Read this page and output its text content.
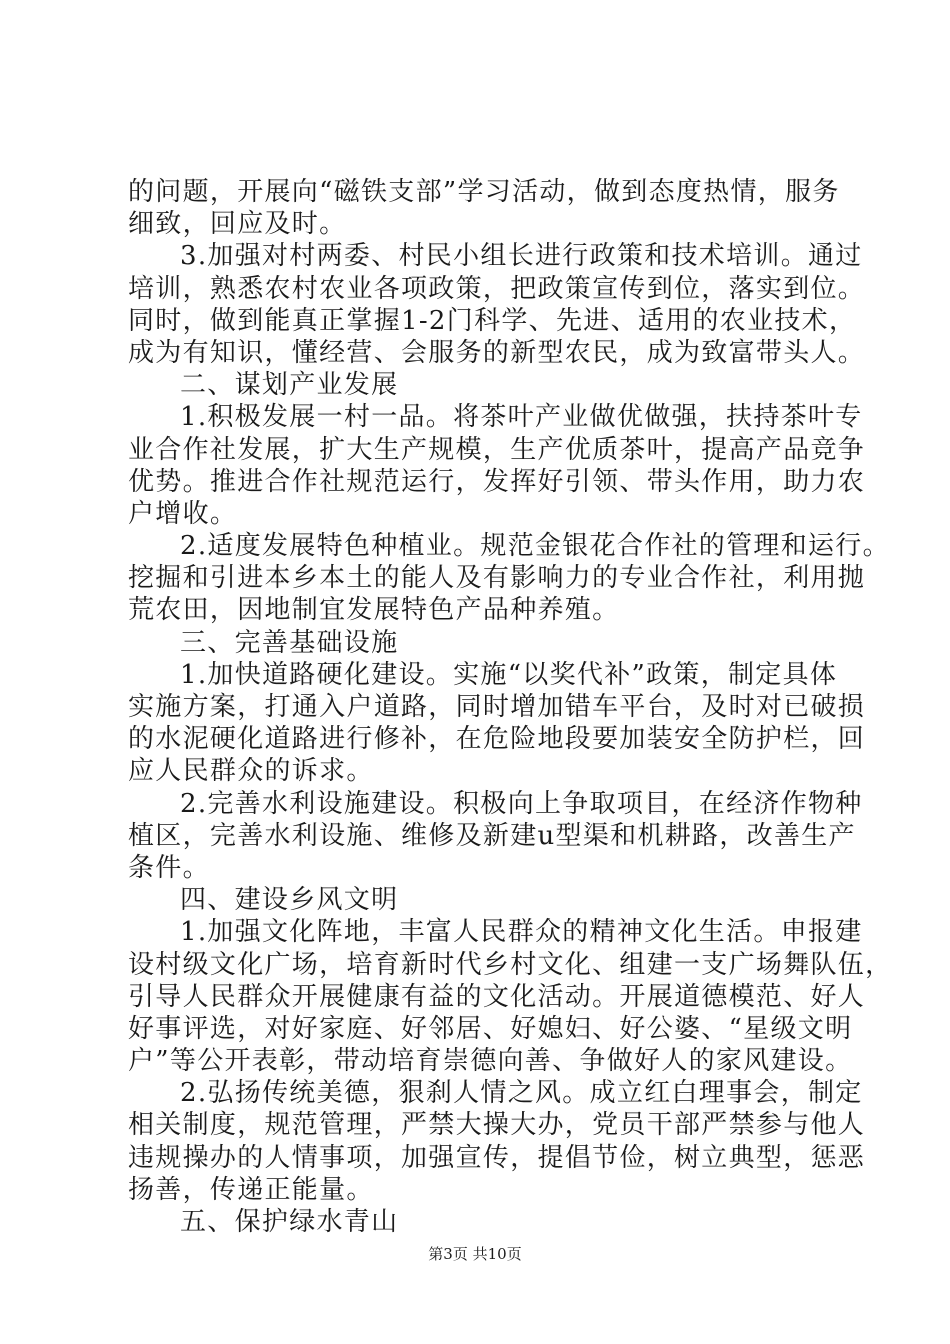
的问题，开展向“磁铁支部”学习活动，做到态度热情，服务
细致，回应及时。
3.加强对村两委、村民小组长进行政策和技术培训。通过
培训，熟悉农村农业各项政策，把政策宣传到位，落实到位。
同时，做到能真正掌握1-2门科学、先进、适用的农业技术，
成为有知识，懂经营、会服务的新型农民，成为致富带头人。
二、谋划产业发展
1.积极发展一村一品。将茶叶产业做优做强，扶持茶叶专
业合作社发展，扩大生产规模，生产优质茶叶，提高产品竞争
优势。推进合作社规范运行，发挥好引领、带头作用，助力农
户增收。
2.适度发展特色种植业。规范金银花合作社的管理和运行。
挖掘和引进本乡本土的能人及有影响力的专业合作社，利用抛
荒农田，因地制宜发展特色产品种养殖。
三、完善基础设施
1.加快道路硬化建设。实施“以奖代补”政策，制定具体
实施方案，打通入户道路，同时增加错车平台，及时对已破损
的水泥硬化道路进行修补，在危险地段要加装安全防护栏，回
应人民群众的诉求。
2.完善水利设施建设。积极向上争取项目，在经济作物种
植区，完善水利设施、维修及新建u型渠和机耕路，改善生产
条件。
四、建设乡风文明
1.加强文化阵地，丰富人民群众的精神文化生活。申报建
设村级文化广场，培育新时代乡村文化、组建一支广场舞队伍，
引导人民群众开展健康有益的文化活动。开展道德模范、好人
好事评选，对好家庭、好邻居、好媳妇、好公婆、“星级文明
户”等公开表彰，带动培育崇德向善、争做好人的家风建设。
2.弘扬传统美德，狠刹人情之风。成立红白理事会，制定
相关制度，规范管理，严禁大操大办，党员干部严禁参与他人
违规操办的人情事项，加强宣传，提倡节俭，树立典型，惩恶
扬善，传递正能量。
五、保护绿水青山
第3页 共10页
